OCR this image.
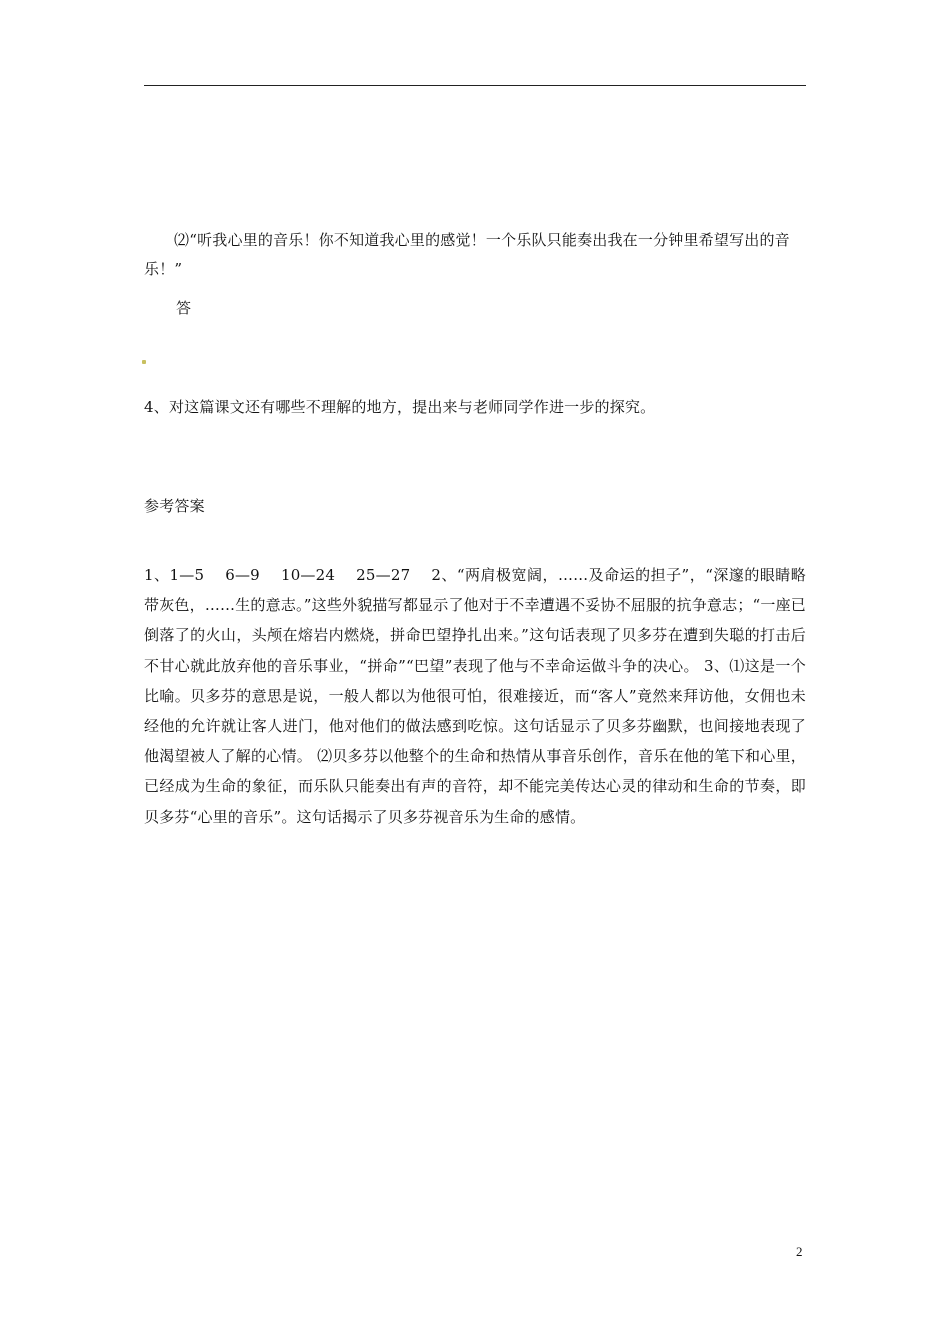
⑵“听我心里的音乐！你不知道我心里的感觉！一个乐队只能奏出我在一分钟里希望写出的音乐！”

答

4、对这篇课文还有哪些不理解的地方，提出来与老师同学作进一步的探究。

参考答案

1、1—5　 6—9　 10—24　 25—27　 2、“两肩极宽阔，……及命运的担子”，“深邃的眼睛略带灰色，……生的意志。”这些外貌描写都显示了他对于不幸遭遇不妥协不屈服的抗争意志；“一座已倒落了的火山，头颅在熔岩内燃烧，拼命巴望挣扎出来。”这句话表现了贝多芬在遭到失聪的打击后不甘心就此放弃他的音乐事业，“拼命”“巴望”表现了他与不幸命运做斗争的决心。 3、⑴这是一个比喻。贝多芬的意思是说，一般人都以为他很可怕，很难接近，而“客人”竟然来拜访他，女佣也未经他的允许就让客人进门，他对他们的做法感到吃惊。这句话显示了贝多芬幽默，也间接地表现了他渴望被人了解的心情。 ⑵贝多芬以他整个的生命和热情从事音乐创作，音乐在他的笔下和心里，已经成为生命的象征，而乐队只能奏出有声的音符，却不能完美传达心灵的律动和生命的节奏，即贝多芬“心里的音乐”。这句话揭示了贝多芬视音乐为生命的感情。

2
